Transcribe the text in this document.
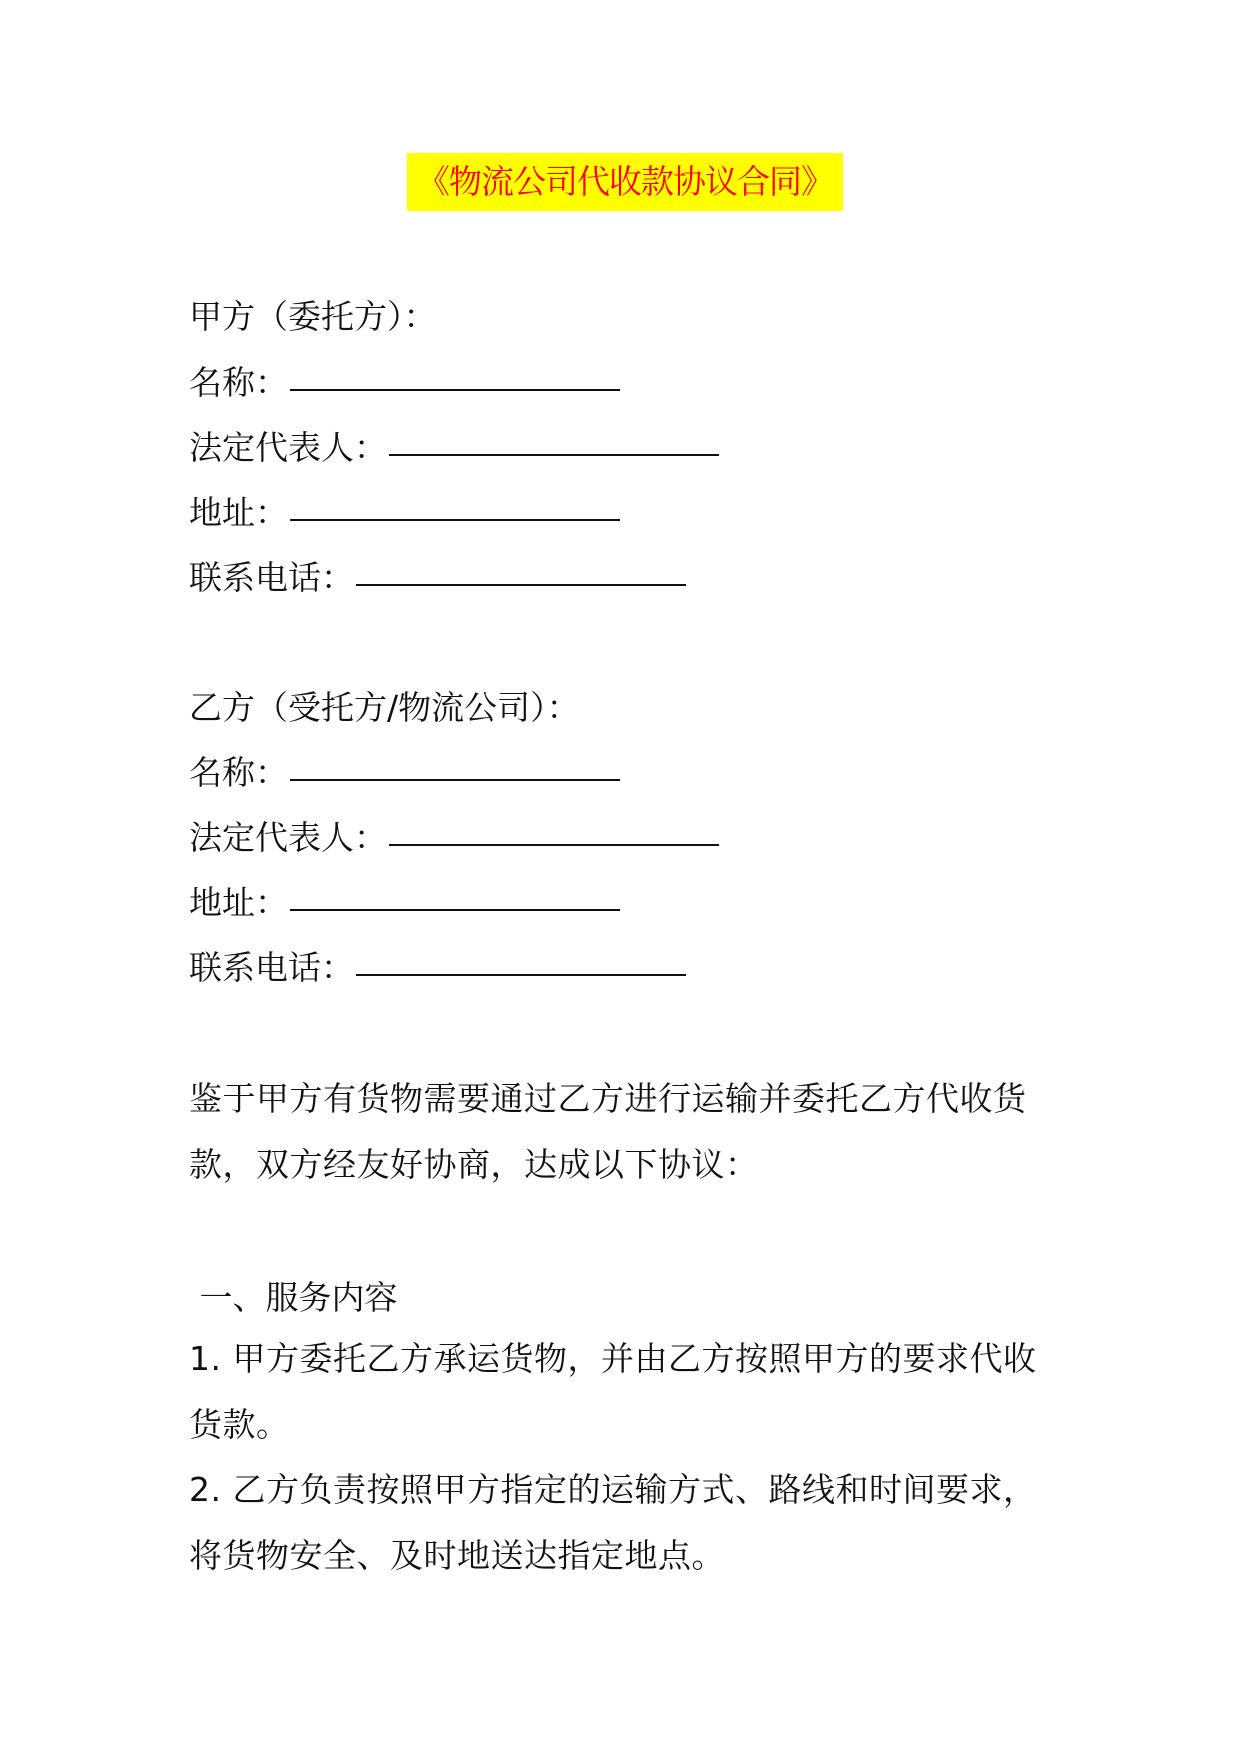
《物流公司代收款协议合同》
甲方（委托方）：
名称：
法定代表人：
地址：
联系电话：
乙方（受托方/物流公司）：
名称：
法定代表人：
地址：
联系电话：
鉴于甲方有货物需要通过乙方进行运输并委托乙方代收货款，双方经友好协商，达成以下协议：
一、服务内容
1. 甲方委托乙方承运货物，并由乙方按照甲方的要求代收货款。
2. 乙方负责按照甲方指定的运输方式、路线和时间要求，将货物安全、及时地送达指定地点。
